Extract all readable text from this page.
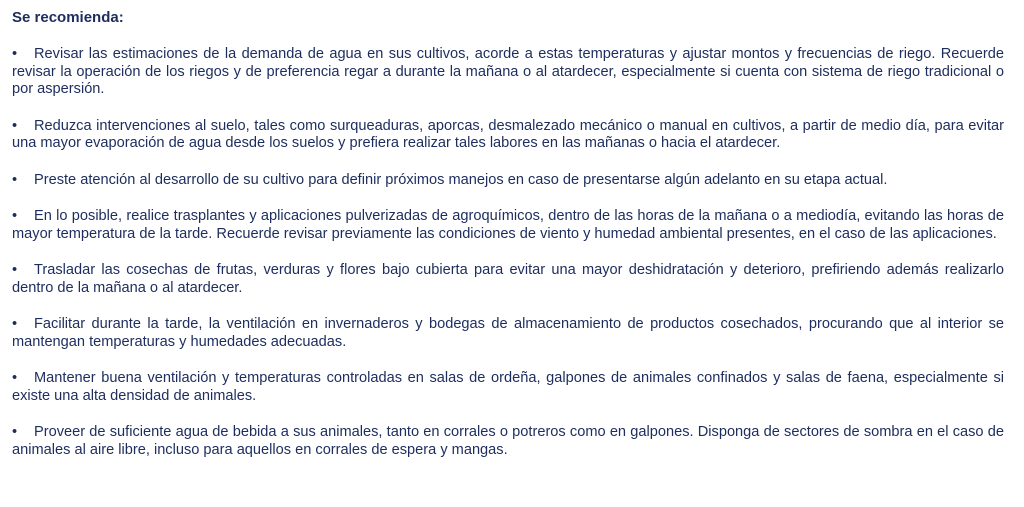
Se recomienda:
• Revisar las estimaciones de la demanda de agua en sus cultivos, acorde a estas temperaturas y ajustar montos y frecuencias de riego. Recuerde revisar la operación de los riegos y de preferencia regar a durante la mañana o al atardecer, especialmente si cuenta con sistema de riego tradicional o por aspersión.
• Reduzca intervenciones al suelo, tales como surqueaduras, aporcas, desmalezado mecánico o manual en cultivos, a partir de medio día, para evitar una mayor evaporación de agua desde los suelos y prefiera realizar tales labores en las mañanas o hacia el atardecer.
• Preste atención al desarrollo de su cultivo para definir próximos manejos en caso de presentarse algún adelanto en su etapa actual.
• En lo posible, realice trasplantes y aplicaciones pulverizadas de agroquímicos, dentro de las horas de la mañana o a mediodía, evitando las horas de mayor temperatura de la tarde. Recuerde revisar previamente las condiciones de viento y humedad ambiental presentes, en el caso de las aplicaciones.
• Trasladar las cosechas de frutas, verduras y flores bajo cubierta para evitar una mayor deshidratación y deterioro, prefiriendo además realizarlo dentro de la mañana o al atardecer.
• Facilitar durante la tarde, la ventilación en invernaderos y bodegas de almacenamiento de productos cosechados, procurando que al interior se mantengan temperaturas y humedades adecuadas.
• Mantener buena ventilación y temperaturas controladas en salas de ordeña, galpones de animales confinados y salas de faena, especialmente si existe una alta densidad de animales.
• Proveer de suficiente agua de bebida a sus animales, tanto en corrales o potreros como en galpones. Disponga de sectores de sombra en el caso de animales al aire libre, incluso para aquellos en corrales de espera y mangas.
